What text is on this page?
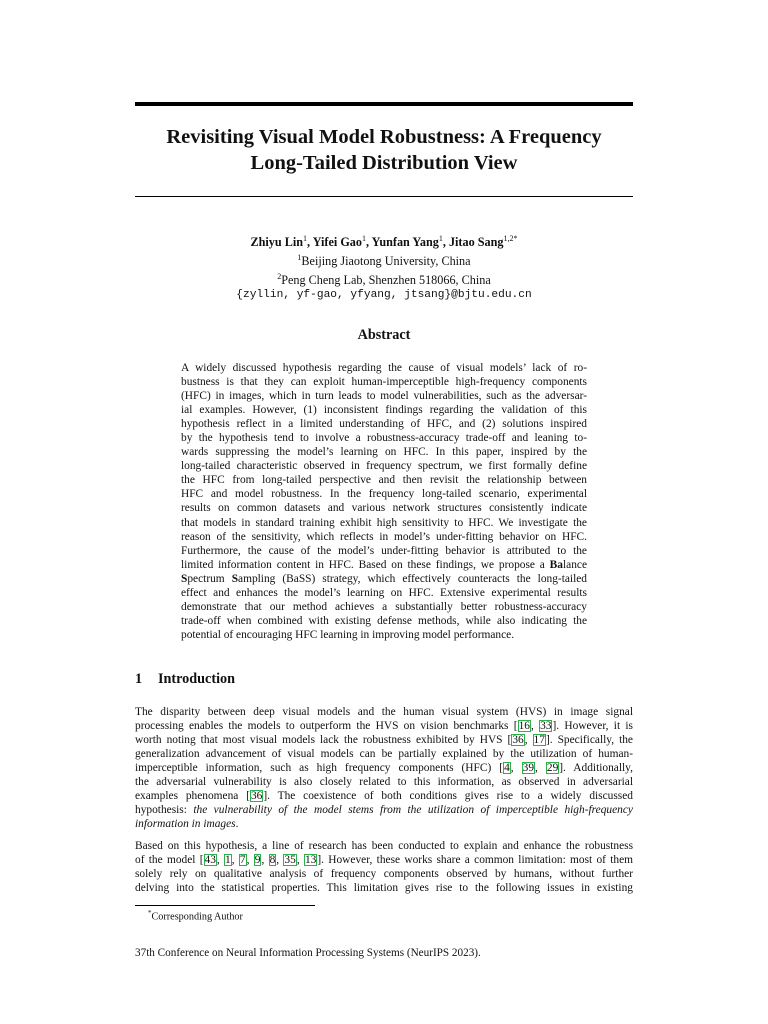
Revisiting Visual Model Robustness: A Frequency
Long-Tailed Distribution View
Zhiyu Lin$^1$, Yifei Gao$^1$, Yunfan Yang$^1$, Jitao Sang$^{1,2*}$
$^1$Beijing Jiaotong University, China
$^2$Peng Cheng Lab, Shenzhen 518066, China
{zyllin, yf-gao, yfyang, jtsang}@bjtu.edu.cn
Abstract
A widely discussed hypothesis regarding the cause of visual models’ lack of ro-
bustness is that they can exploit human-imperceptible high-frequency components
(HFC) in images, which in turn leads to model vulnerabilities, such as the adversar-
ial examples. However, (1) inconsistent findings regarding the validation of this
hypothesis reflect in a limited understanding of HFC, and (2) solutions inspired
by the hypothesis tend to involve a robustness-accuracy trade-off and leaning to-
wards suppressing the model’s learning on HFC. In this paper, inspired by the
long-tailed characteristic observed in frequency spectrum, we first formally define
the HFC from long-tailed perspective and then revisit the relationship between
HFC and model robustness. In the frequency long-tailed scenario, experimental
results on common datasets and various network structures consistently indicate
that models in standard training exhibit high sensitivity to HFC. We investigate the
reason of the sensitivity, which reflects in model’s under-fitting behavior on HFC.
Furthermore, the cause of the model’s under-fitting behavior is attributed to the
limited information content in HFC. Based on these findings, we propose a Balance
Spectrum Sampling (BaSS) strategy, which effectively counteracts the long-tailed
effect and enhances the model’s learning on HFC. Extensive experimental results
demonstrate that our method achieves a substantially better robustness-accuracy
trade-off when combined with existing defense methods, while also indicating the
potential of encouraging HFC learning in improving model performance.
1 Introduction
The disparity between deep visual models and the human visual system (HVS) in image signal
processing enables the models to outperform the HVS on vision benchmarks [16, 33]. However, it is
worth noting that most visual models lack the robustness exhibited by HVS [36, 17]. Specifically, the
generalization advancement of visual models can be partially explained by the utilization of human-
imperceptible information, such as high frequency components (HFC) [4, 39, 29]. Additionally,
the adversarial vulnerability is also closely related to this information, as observed in adversarial
examples phenomena [36]. The coexistence of both conditions gives rise to a widely discussed
hypothesis: the vulnerability of the model stems from the utilization of imperceptible high-frequency
information in images.
Based on this hypothesis, a line of research has been conducted to explain and enhance the robustness
of the model [43, 1, 7, 9, 8, 35, 13]. However, these works share a common limitation: most of them
solely rely on qualitative analysis of frequency components observed by humans, without further
delving into the statistical properties. This limitation gives rise to the following issues in existing
*Corresponding Author
37th Conference on Neural Information Processing Systems (NeurIPS 2023).
